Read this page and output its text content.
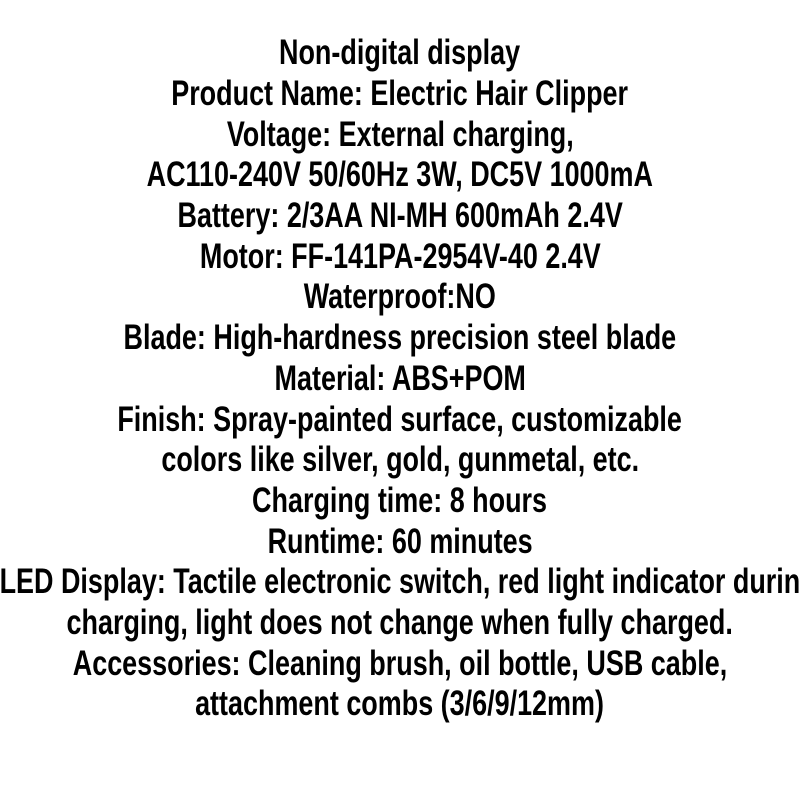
Non-digital display
Product Name: Electric Hair Clipper
Voltage: External charging,
AC110-240V 50/60Hz 3W, DC5V 1000mA
Battery: 2/3AA NI-MH 600mAh 2.4V
Motor: FF-141PA-2954V-40 2.4V
Waterproof:NO
Blade: High-hardness precision steel blade
Material: ABS+POM
Finish: Spray-painted surface, customizable
colors like silver, gold, gunmetal, etc.
Charging time: 8 hours
Runtime: 60 minutes
LED Display: Tactile electronic switch, red light indicator durin
charging, light does not change when fully charged.
Accessories: Cleaning brush, oil bottle, USB cable,
attachment combs (3/6/9/12mm)
